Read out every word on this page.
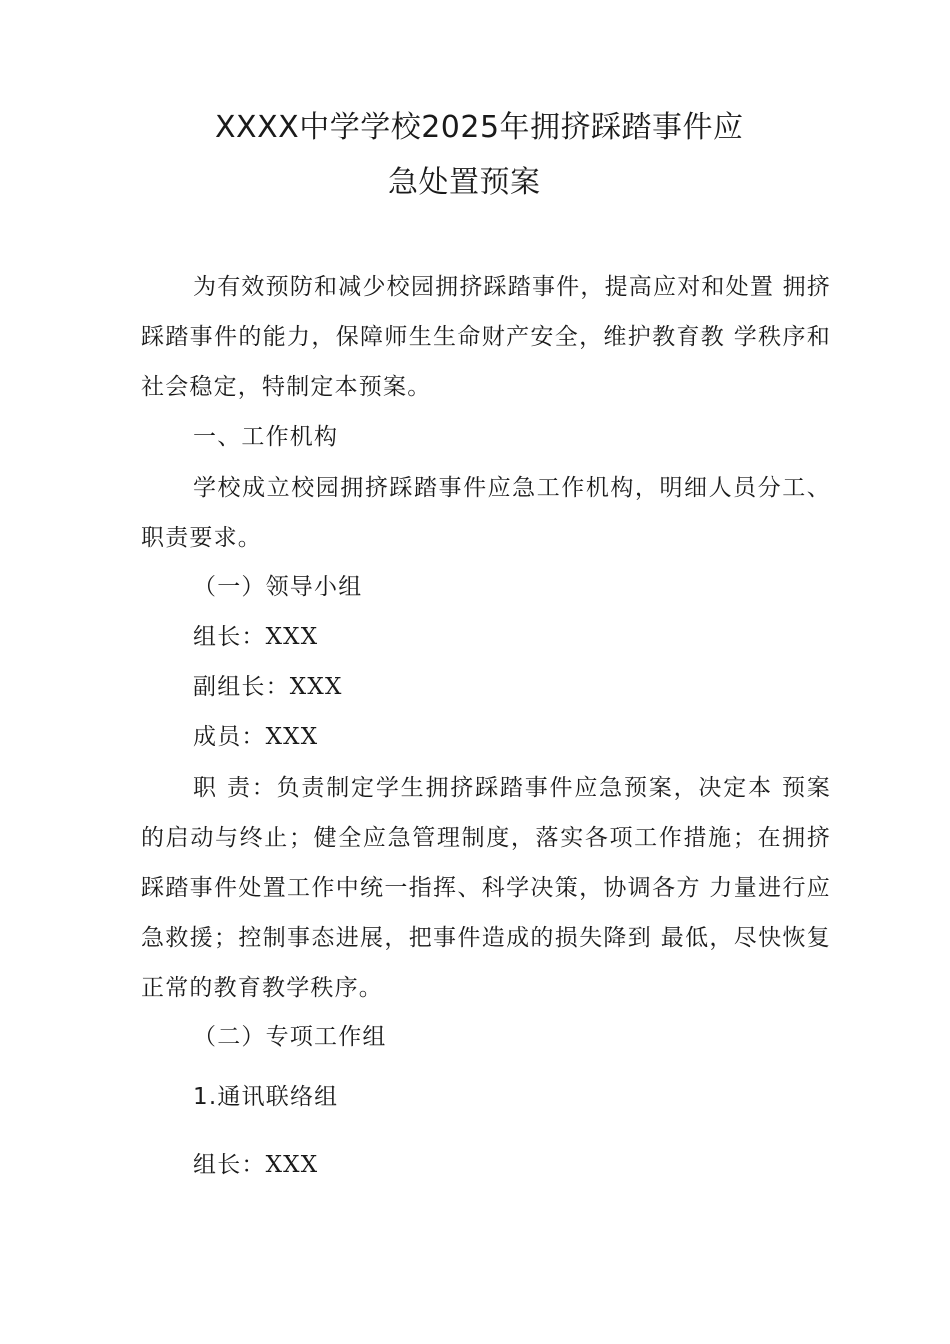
XXXX中学学校2025年拥挤踩踏事件应
急处置预案
为有效预防和减少校园拥挤踩踏事件，提高应对和处置 拥挤踩踏事件的能力，保障师生生命财产安全，维护教育教 学秩序和社会稳定，特制定本预案。
一、工作机构
学校成立校园拥挤踩踏事件应急工作机构，明细人员分工、职责要求。
（一）领导小组
组长：XXX
副组长：XXX
成员：XXX
职 责：负责制定学生拥挤踩踏事件应急预案，决定本 预案的启动与终止；健全应急管理制度，落实各项工作措施；在拥挤踩踏事件处置工作中统一指挥、科学决策，协调各方 力量进行应急救援；控制事态进展，把事件造成的损失降到 最低，尽快恢复正常的教育教学秩序。
（二）专项工作组
1.通讯联络组
组长：XXX
